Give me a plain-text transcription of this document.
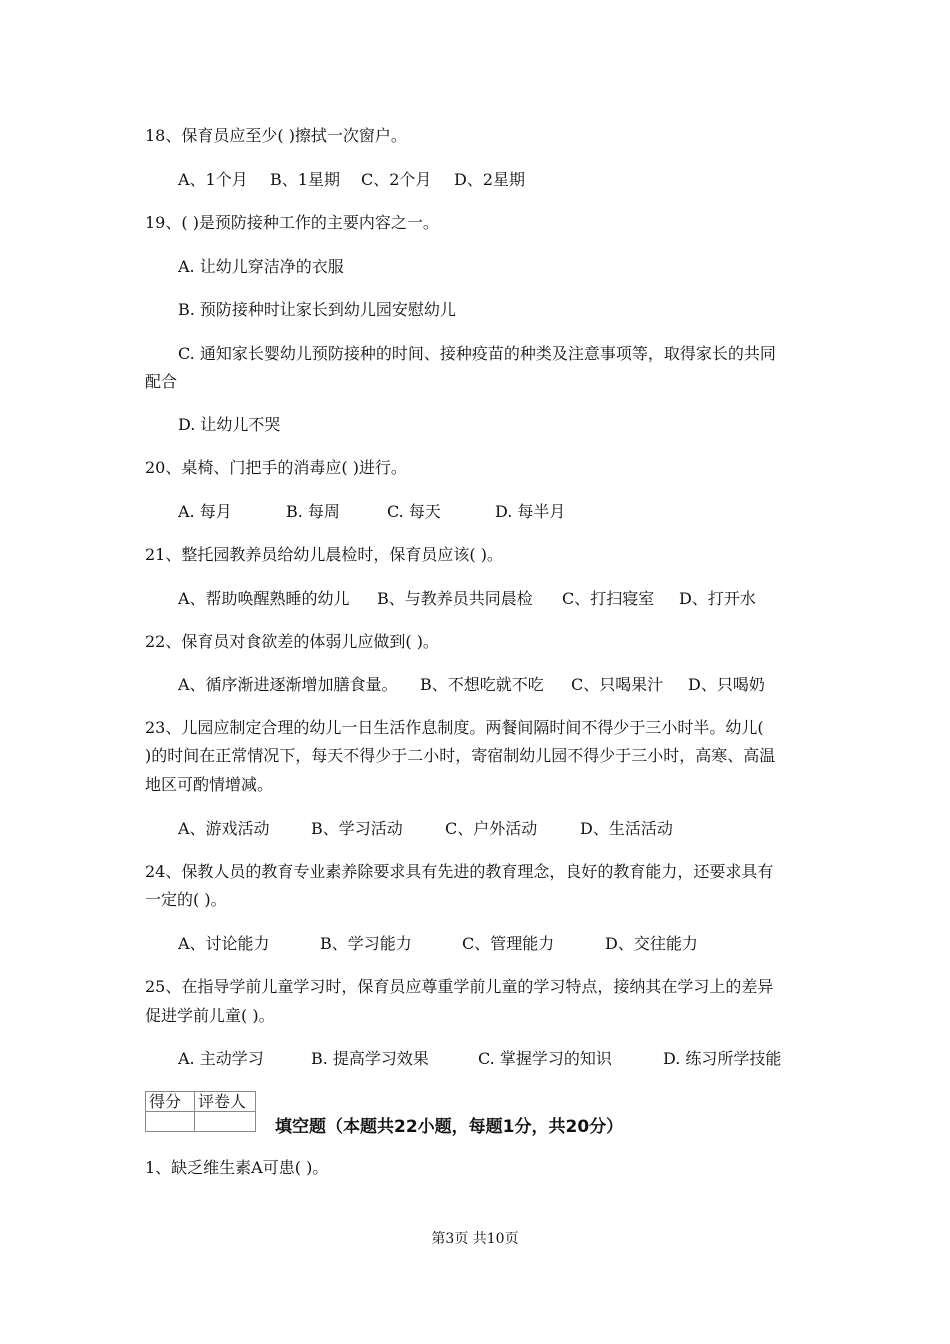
18、保育员应至少( )擦拭一次窗户。
A、1个月 B、1星期 C、2个月 D、2星期
19、( )是预防接种工作的主要内容之一。
A. 让幼儿穿洁净的衣服
B. 预防接种时让家长到幼儿园安慰幼儿
C. 通知家长婴幼儿预防接种的时间、接种疫苗的种类及注意事项等，取得家长的共同
配合
D. 让幼儿不哭
20、桌椅、门把手的消毒应( )进行。
A. 每月	B. 每周	C. 每天	D. 每半月
21、整托园教养员给幼儿晨检时，保育员应该( )。
A、帮助唤醒熟睡的幼儿 B、与教养员共同晨检 C、打扫寝室 D、打开水
22、保育员对食欲差的体弱儿应做到( )。
A、循序渐进逐渐增加膳食量。 B、不想吃就不吃 C、只喝果汁 D、只喝奶
23、儿园应制定合理的幼儿一日生活作息制度。两餐间隔时间不得少于三小时半。幼儿(
)的时间在正常情况下，每天不得少于二小时，寄宿制幼儿园不得少于三小时，高寒、高温
地区可酌情增减。
A、游戏活动	B、学习活动	C、户外活动	D、生活活动
24、保教人员的教育专业素养除要求具有先进的教育理念，良好的教育能力，还要求具有
一定的( )。
A、讨论能力	B、学习能力	C、管理能力	D、交往能力
25、在指导学前儿童学习时，保育员应尊重学前儿童的学习特点，接纳其在学习上的差异
促进学前儿童( )。
A. 主动学习	B. 提高学习效果	C. 掌握学习的知识	D. 练习所学技能
得分	评卷人

填空题（本题共22小题，每题1分，共20分）
1、缺乏维生素A可患( )。
第3页 共10页
